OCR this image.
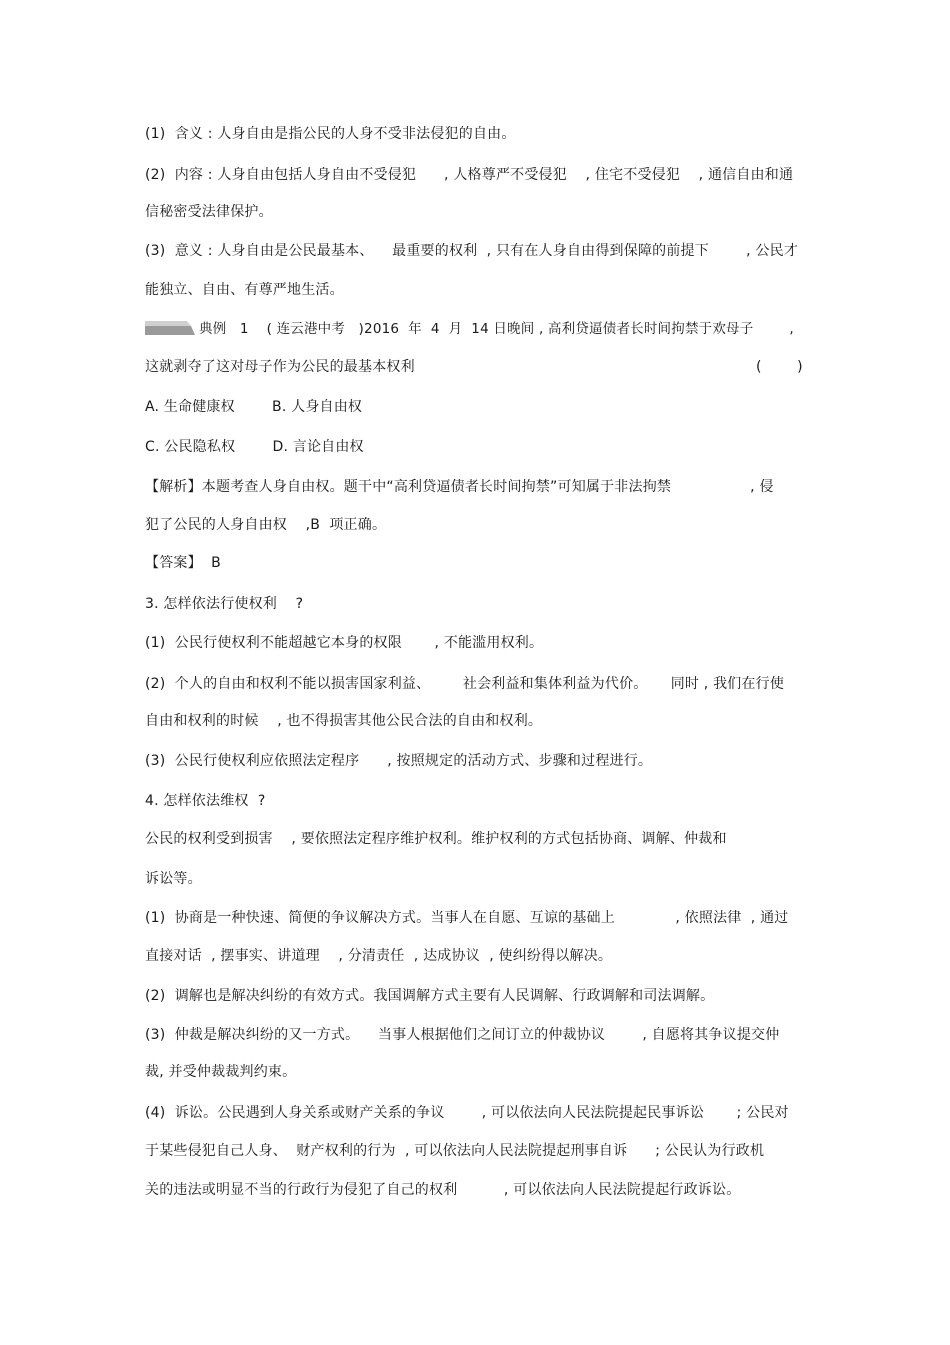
(1)  含义 : 人身自由是指公民的人身不受非法侵犯的自由。
(2)  内容 : 人身自由包括人身自由不受侵犯      , 人格尊严不受侵犯    , 住宅不受侵犯    , 通信自由和通
信秘密受法律保护。
(3)  意义 : 人身自由是公民最基本、    最重要的权利  , 只有在人身自由得到保障的前提下        , 公民才
能独立、自由、有尊严地生活。
典例   1    ( 连云港中考   )2016  年  4  月  14 日晚间 , 高利贷逼债者长时间拘禁于欢母子        ,
这就剥夺了这对母子作为公民的最基本权利	(        )
A. 生命健康权        B. 人身自由权
C. 公民隐私权        D. 言论自由权
【解析】本题考查人身自由权。题干中“高利贷逼债者长时间拘禁”可知属于非法拘禁                 , 侵
犯了公民的人身自由权    ,B  项正确。
【答案】  B
3. 怎样依法行使权利    ?
(1)  公民行使权利不能超越它本身的权限       , 不能滥用权利。
(2)  个人的自由和权利不能以损害国家利益、       社会利益和集体利益为代价。     同时 , 我们在行使
自由和权利的时候    , 也不得损害其他公民合法的自由和权利。
(3)  公民行使权利应依照法定程序      , 按照规定的活动方式、步骤和过程进行。
4. 怎样依法维权  ?
公民的权利受到损害    , 要依照法定程序维护权利。维护权利的方式包括协商、调解、仲裁和
诉讼等。
(1)  协商是一种快速、简便的争议解决方式。当事人在自愿、互谅的基础上             , 依照法律  , 通过
直接对话  , 摆事实、讲道理    , 分清责任  , 达成协议  , 使纠纷得以解决。
(2)  调解也是解决纠纷的有效方式。我国调解方式主要有人民调解、行政调解和司法调解。
(3)  仲裁是解决纠纷的又一方式。    当事人根据他们之间订立的仲裁协议        , 自愿将其争议提交仲
裁, 并受仲裁裁判约束。
(4)  诉讼。公民遇到人身关系或财产关系的争议        , 可以依法向人民法院提起民事诉讼       ; 公民对
于某些侵犯自己人身、  财产权利的行为  , 可以依法向人民法院提起刑事自诉      ; 公民认为行政机
关的违法或明显不当的行政行为侵犯了自己的权利          , 可以依法向人民法院提起行政诉讼。
